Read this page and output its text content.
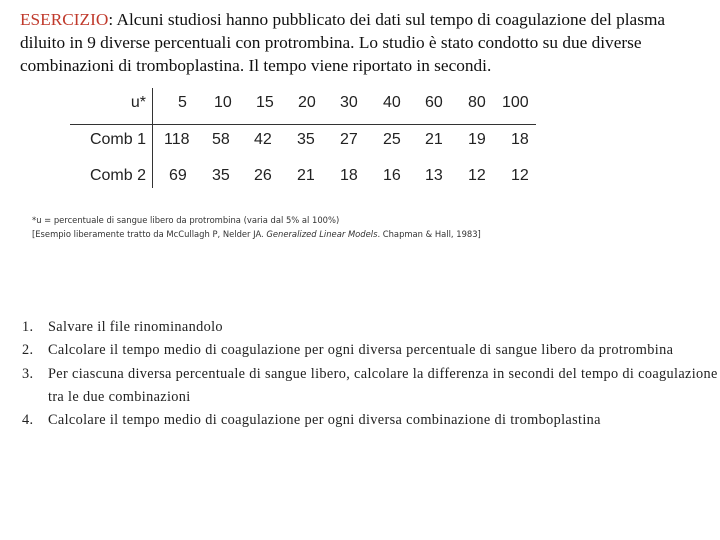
ESERCIZIO: Alcuni studiosi hanno pubblicato dei dati sul tempo di coagulazione del plasma diluito in 9 diverse percentuali con protrombina. Lo studio è stato condotto su due diverse combinazioni di tromboplastina. Il tempo viene riportato in secondi.
u* 5 10 15 20 30 40 60 80 100
Comb 1 118 58 42 35 27 25 21 19 18
Comb 2 69 35 26 21 18 16 13 12 12
*u = percentuale di sangue libero da protrombina (varia dal 5% al 100%)
[Esempio liberamente tratto da McCullagh P, Nelder JA. Generalized Linear Models. Chapman & Hall, 1983]
1.	Salvare il file rinominandolo
2.	Calcolare il tempo medio di coagulazione per ogni diversa percentuale di sangue libero da protrombina
3.	Per ciascuna diversa percentuale di sangue libero, calcolare la differenza in secondi del tempo di coagulazione tra le due combinazioni
4.	Calcolare il tempo medio di coagulazione per ogni diversa combinazione di tromboplastina
